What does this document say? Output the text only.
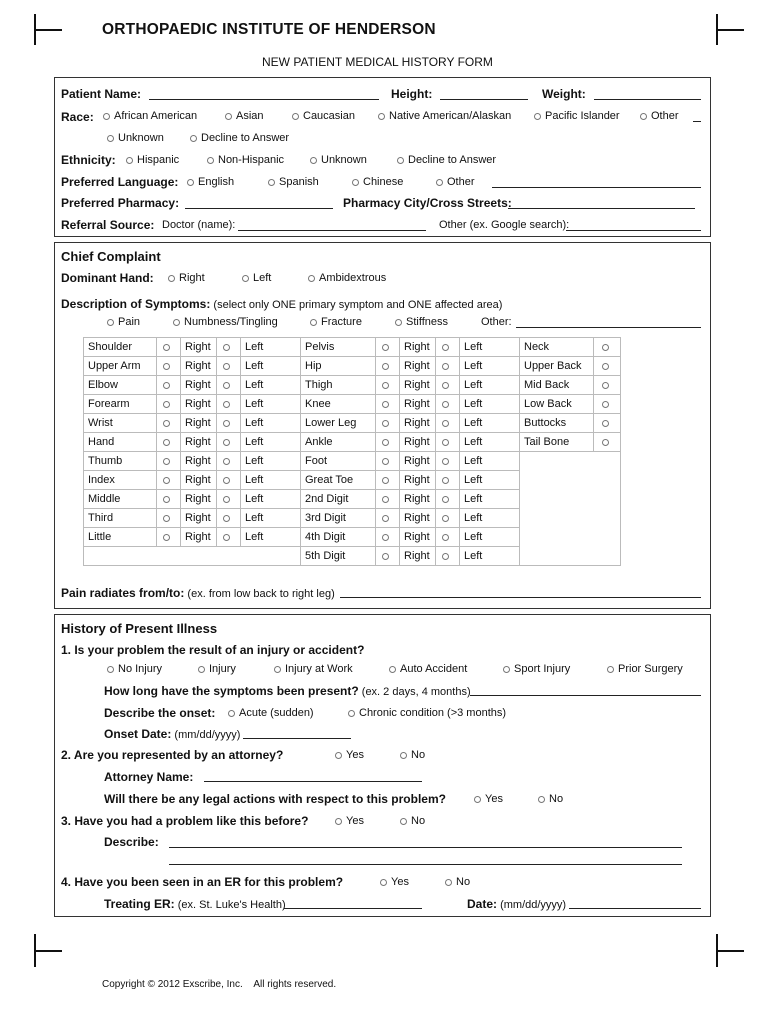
ORTHOPAEDIC INSTITUTE OF HENDERSON
NEW PATIENT MEDICAL HISTORY FORM
Patient Name:	Height:	Weight:
Race:	African American	Asian	Caucasian	Native American/Alaskan	Pacific Islander	Other
Unknown	Decline to Answer
Ethnicity:	Hispanic	Non-Hispanic	Unknown	Decline to Answer
Preferred Language:	English	Spanish	Chinese	Other
Preferred Pharmacy:	Pharmacy City/Cross Streets:
Referral Source: Doctor (name):	Other (ex. Google search):
Chief Complaint
Dominant Hand:	Right	Left	Ambidextrous
Description of Symptoms: (select only ONE primary symptom and ONE affected area)
Pain	Numbness/Tingling	Fracture	Stiffness	Other:
Shoulder		Right		Left	Pelvis		Right		Left	Neck	
Upper Arm		Right		Left	Hip		Right		Left	Upper Back	
Elbow		Right		Left	Thigh		Right		Left	Mid Back	
Forearm		Right		Left	Knee		Right		Left	Low Back	
Wrist		Right		Left	Lower Leg		Right		Left	Buttocks	
Hand		Right		Left	Ankle		Right		Left	Tail Bone	
Thumb		Right		Left	Foot		Right		Left		
Index		Right		Left	Great Toe		Right		Left		
Middle		Right		Left	2nd Digit		Right		Left		
Third		Right		Left	3rd Digit		Right		Left		
Little		Right		Left	4th Digit		Right		Left		
					5th Digit		Right		Left		
Pain radiates from/to: (ex. from low back to right leg)
History of Present Illness
1. Is your problem the result of an injury or accident?
No Injury	Injury	Injury at Work	Auto Accident	Sport Injury	Prior Surgery
How long have the symptoms been present? (ex. 2 days, 4 months)
Describe the onset:	Acute (sudden)	Chronic condition (>3 months)
Onset Date: (mm/dd/yyyy)
2. Are you represented by an attorney?	Yes	No
Attorney Name:
Will there be any legal actions with respect to this problem?	Yes	No
3. Have you had a problem like this before?	Yes	No
Describe:
4. Have you been seen in an ER for this problem?	Yes	No
Treating ER: (ex. St. Luke's Health)	Date: (mm/dd/yyyy)
Copyright © 2012 Exscribe, Inc.    All rights reserved.
